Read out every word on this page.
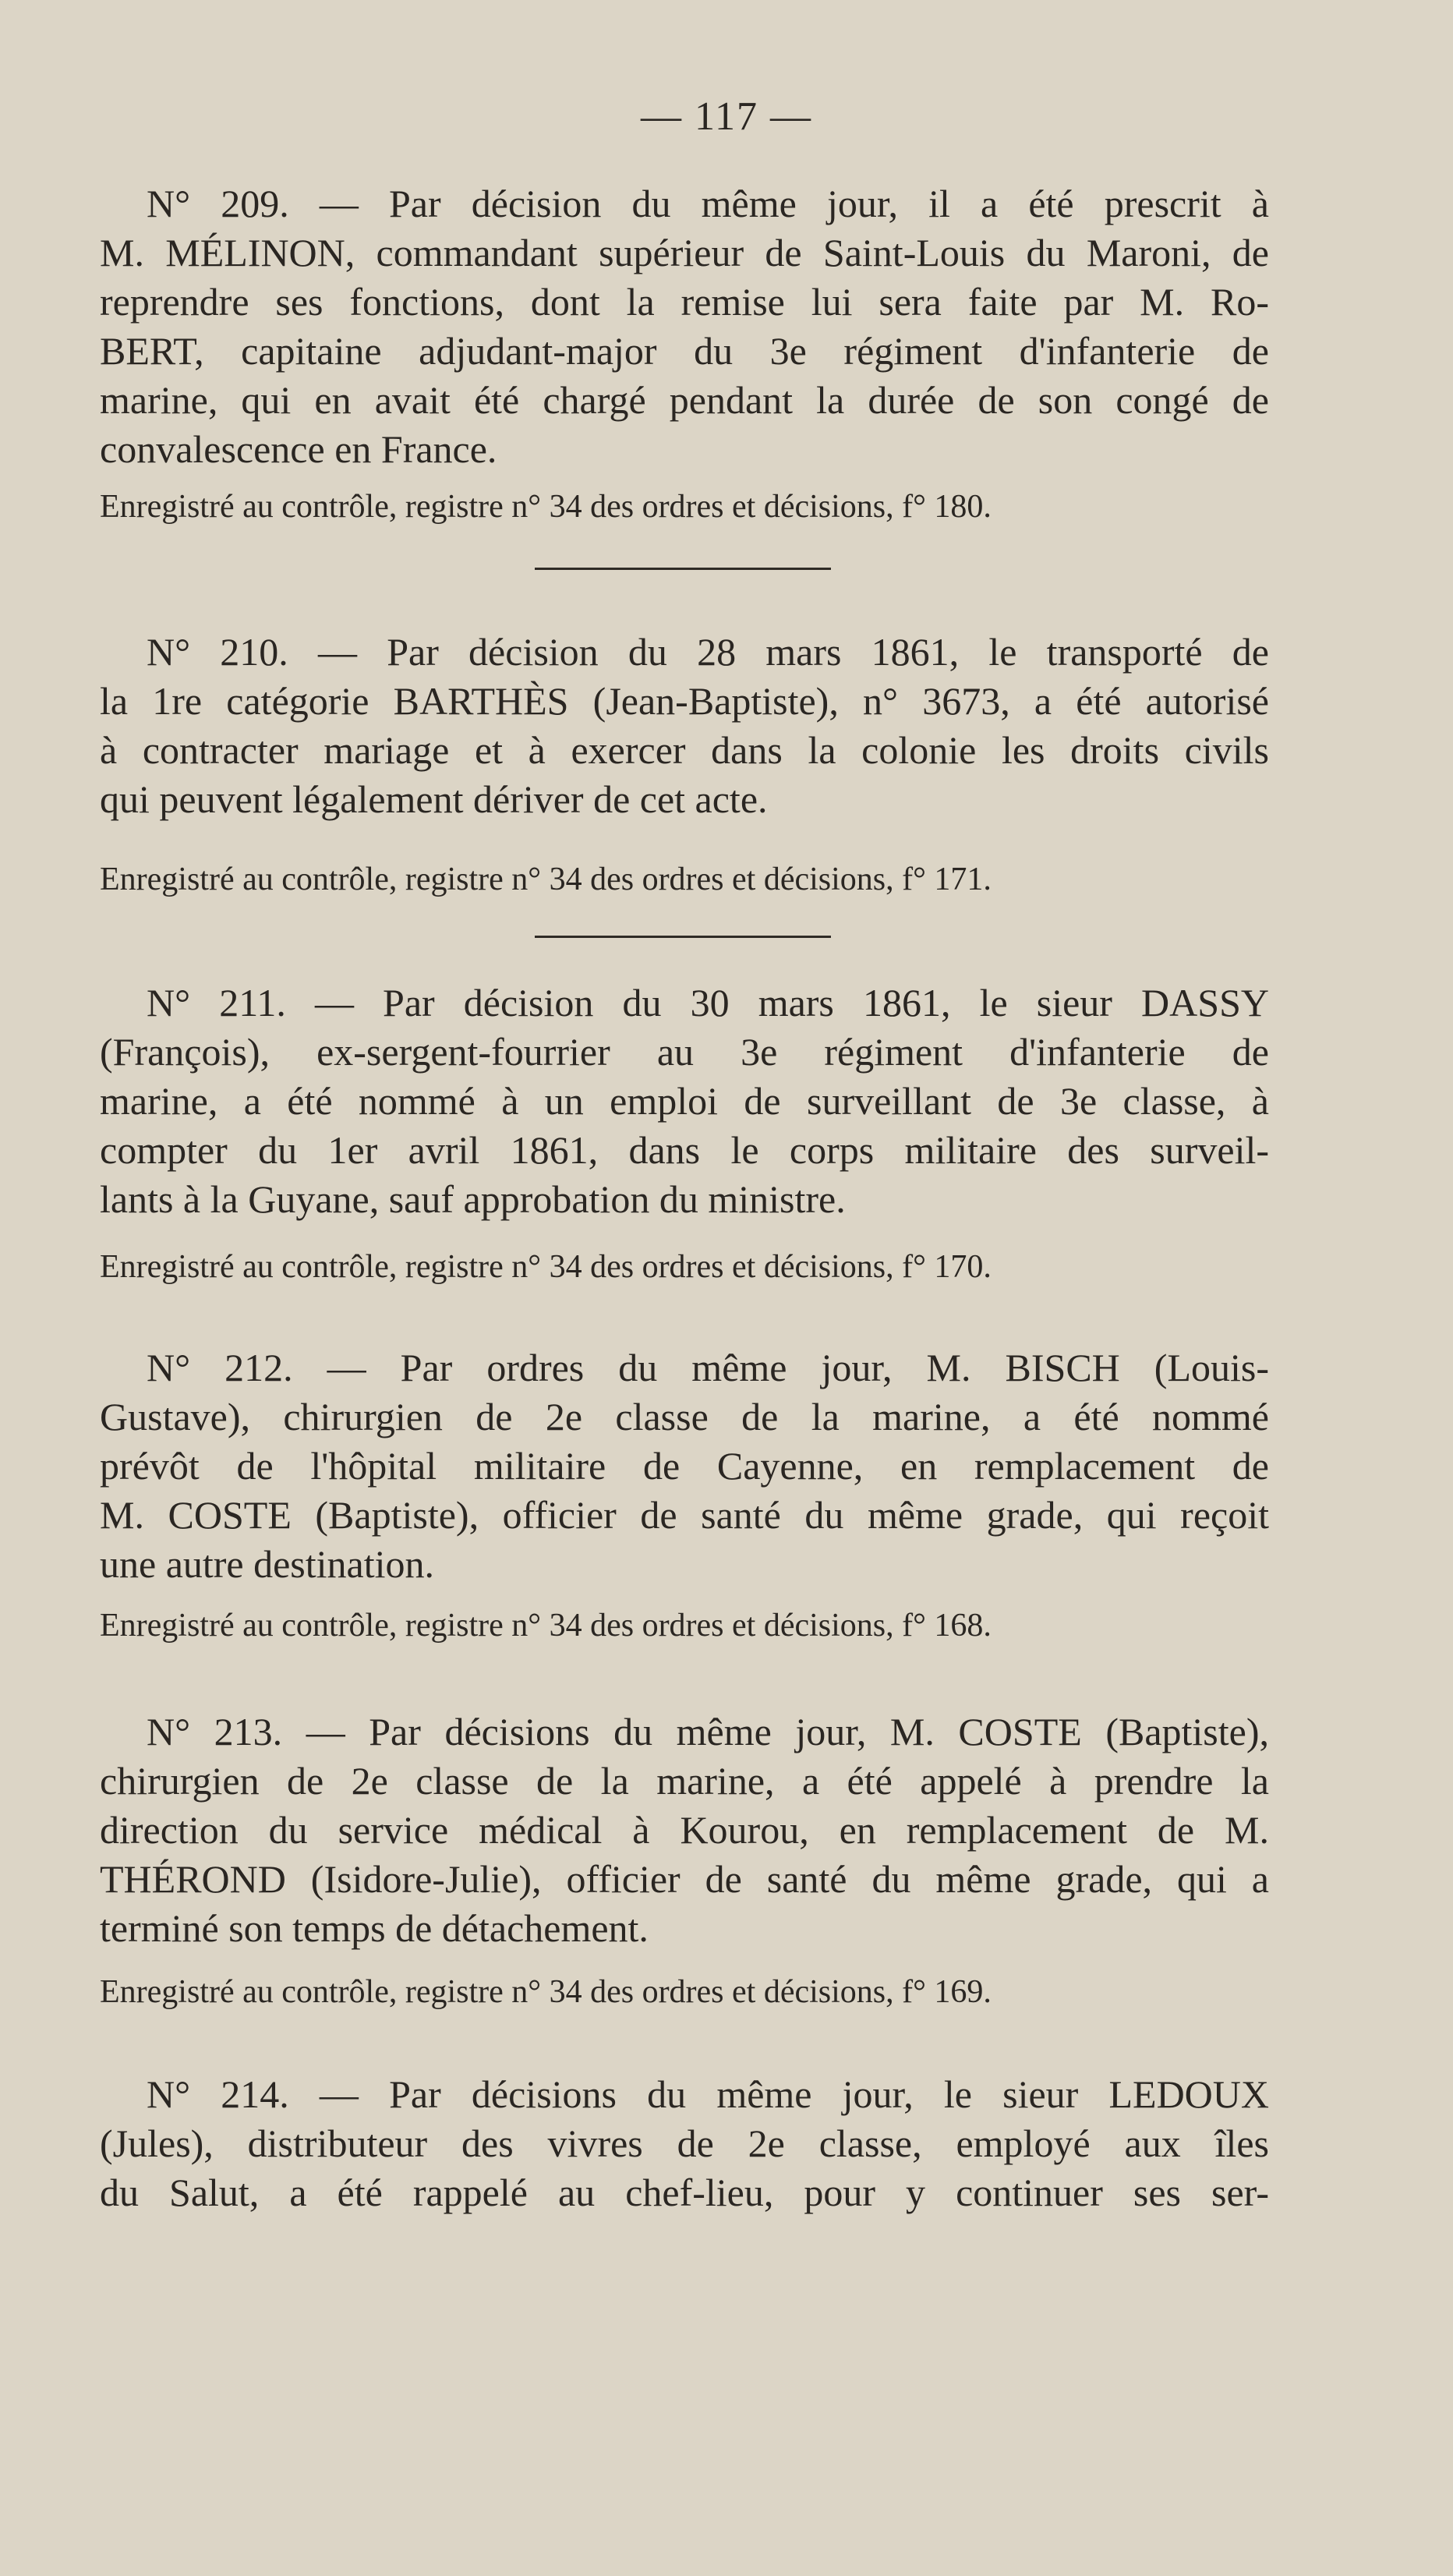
— 117 —
N° 209. — Par décision du même jour, il a été prescrit à
M. MÉLINON, commandant supérieur de Saint-Louis du Maroni, de
reprendre ses fonctions, dont la remise lui sera faite par M. Ro-
BERT, capitaine adjudant-major du 3e régiment d'infanterie de
marine, qui en avait été chargé pendant la durée de son congé de
convalescence en France.
Enregistré au contrôle, registre n° 34 des ordres et décisions, f° 180.
N° 210. — Par décision du 28 mars 1861, le transporté de
la 1re catégorie BARTHÈS (Jean-Baptiste), n° 3673, a été autorisé
à contracter mariage et à exercer dans la colonie les droits civils
qui peuvent légalement dériver de cet acte.
Enregistré au contrôle, registre n° 34 des ordres et décisions, f° 171.
N° 211. — Par décision du 30 mars 1861, le sieur DASSY
(François), ex-sergent-fourrier au 3e régiment d'infanterie de
marine, a été nommé à un emploi de surveillant de 3e classe, à
compter du 1er avril 1861, dans le corps militaire des surveil-
lants à la Guyane, sauf approbation du ministre.
Enregistré au contrôle, registre n° 34 des ordres et décisions, f° 170.
N° 212. — Par ordres du même jour, M. BISCH (Louis-
Gustave), chirurgien de 2e classe de la marine, a été nommé
prévôt de l'hôpital militaire de Cayenne, en remplacement de
M. COSTE (Baptiste), officier de santé du même grade, qui reçoit
une autre destination.
Enregistré au contrôle, registre n° 34 des ordres et décisions, f° 168.
N° 213. — Par décisions du même jour, M. COSTE (Baptiste),
chirurgien de 2e classe de la marine, a été appelé à prendre la
direction du service médical à Kourou, en remplacement de M.
THÉROND (Isidore-Julie), officier de santé du même grade, qui a
terminé son temps de détachement.
Enregistré au contrôle, registre n° 34 des ordres et décisions, f° 169.
N° 214. — Par décisions du même jour, le sieur LEDOUX
(Jules), distributeur des vivres de 2e classe, employé aux îles
du Salut, a été rappelé au chef-lieu, pour y continuer ses ser-
